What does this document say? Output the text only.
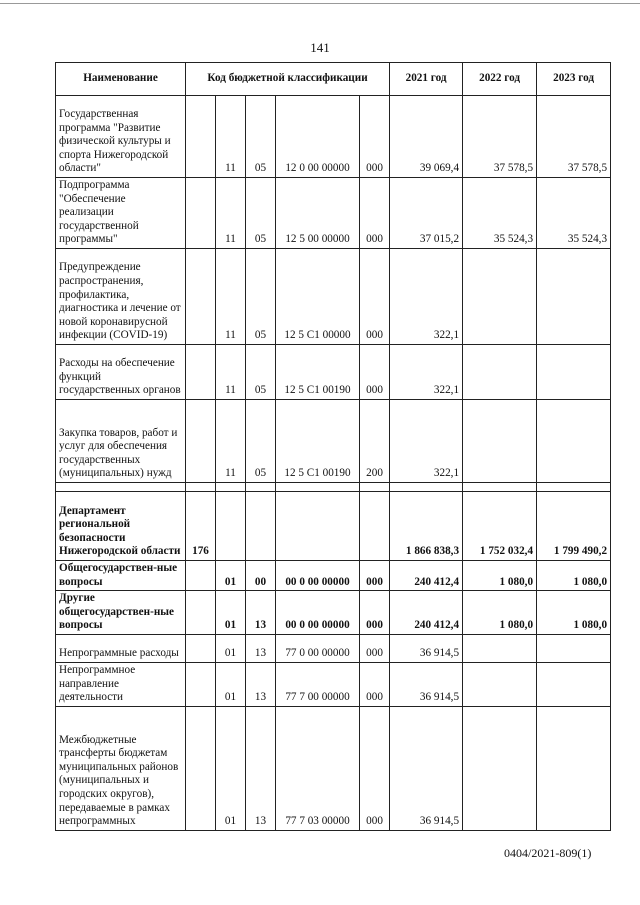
141
Наименование	Код бюджетной классификации					2021 год	2022 год	2023 год
Государственная программа "Развитие физической культуры и спорта Нижегородской области"		11	05	12 0 00 00000	000	39 069,4	37 578,5	37 578,5
Подпрограмма "Обеспечение реализации государственной программы"		11	05	12 5 00 00000	000	37 015,2	35 524,3	35 524,3
Предупреждение распространения, профилактика, диагностика и лечение от новой коронавирусной инфекции (COVID-19)		11	05	12 5 С1 00000	000	322,1		
Расходы на обеспечение функций государственных органов		11	05	12 5 С1 00190	000	322,1		
Закупка товаров, работ и услуг для обеспечения государственных (муниципальных) нужд		11	05	12 5 С1 00190	200	322,1		

Департамент региональной безопасности Нижегородской области	176					1 866 838,3	1 752 032,4	1 799 490,2
Общегосударствен-ные вопросы		01	00	00 0 00 00000	000	240 412,4	1 080,0	1 080,0
Другие общегосударствен-ные вопросы		01	13	00 0 00 00000	000	240 412,4	1 080,0	1 080,0
Непрограммные расходы		01	13	77 0 00 00000	000	36 914,5		
Непрограммное направление деятельности		01	13	77 7 00 00000	000	36 914,5		
Межбюджетные трансферты бюджетам муниципальных районов (муниципальных и городских округов), передаваемые в рамках непрограммных		01	13	77 7 03 00000	000	36 914,5		
0404/2021-809(1)
